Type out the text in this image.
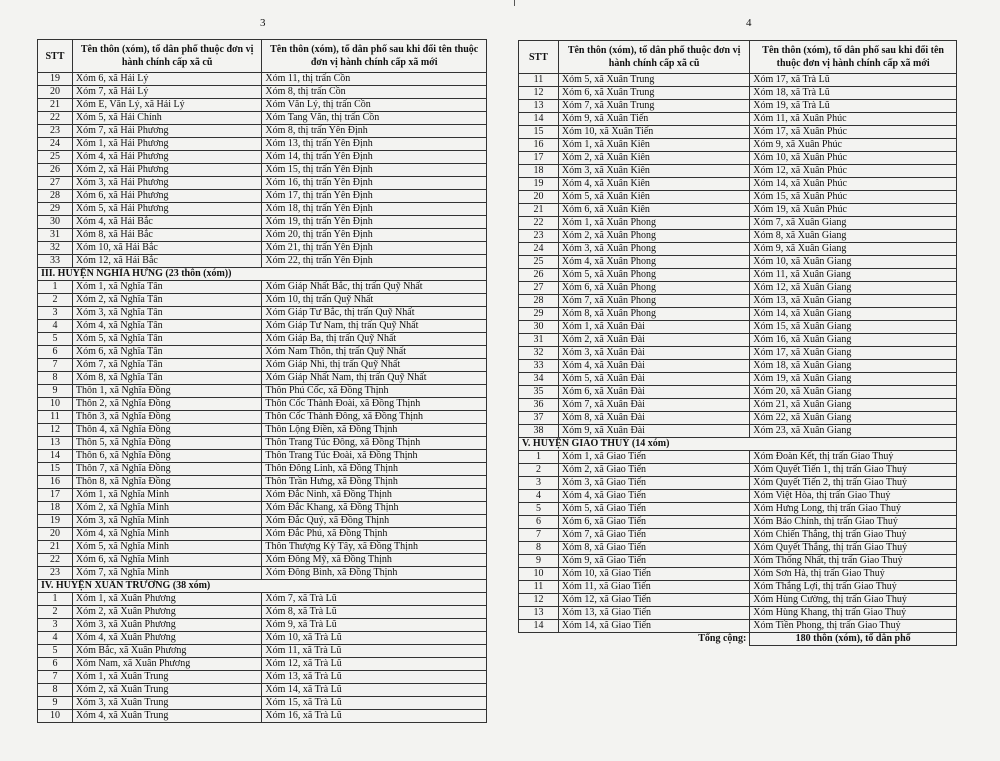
3	4
STT	Tên thôn (xóm), tổ dân phố thuộc đơn vị hành chính cấp xã cũ	Tên thôn (xóm), tổ dân phố sau khi đổi tên thuộc đơn vị hành chính cấp xã mới
19	Xóm 6, xã Hải Lý	Xóm 11, thị trấn Cồn
20	Xóm 7, xã Hải Lý	Xóm 8, thị trấn Cồn
21	Xóm E, Văn Lý, xã Hải Lý	Xóm Văn Lý, thị trấn Cồn
22	Xóm 5, xã Hải Chính	Xóm Tang Văn, thị trấn Cồn
23	Xóm 7, xã Hải Phương	Xóm 8, thị trấn Yên Định
24	Xóm 1, xã Hải Phương	Xóm 13, thị trấn Yên Định
25	Xóm 4, xã Hải Phương	Xóm 14, thị trấn Yên Định
26	Xóm 2, xã Hải Phương	Xóm 15, thị trấn Yên Định
27	Xóm 3, xã Hải Phương	Xóm 16, thị trấn Yên Định
28	Xóm 6, xã Hải Phương	Xóm 17, thị trấn Yên Định
29	Xóm 5, xã Hải Phương	Xóm 18, thị trấn Yên Định
30	Xóm 4, xã Hải Bắc	Xóm 19, thị trấn Yên Định
31	Xóm 8, xã Hải Bắc	Xóm 20, thị trấn Yên Định
32	Xóm 10, xã Hải Bắc	Xóm 21, thị trấn Yên Định
33	Xóm 12, xã Hải Bắc	Xóm 22, thị trấn Yên Định
III. HUYỆN NGHĨA HƯNG (23 thôn (xóm))		
1	Xóm 1, xã Nghĩa Tân	Xóm Giáp Nhất Bắc, thị trấn Quỹ Nhất
2	Xóm 2, xã Nghĩa Tân	Xóm 10, thị trấn Quỹ Nhất
3	Xóm 3, xã Nghĩa Tân	Xóm Giáp Tư Bắc, thị trấn Quỹ Nhất
4	Xóm 4, xã Nghĩa Tân	Xóm Giáp Tư Nam, thị trấn Quỹ Nhất
5	Xóm 5, xã Nghĩa Tân	Xóm Giáp Ba, thị trấn Quỹ Nhất
6	Xóm 6, xã Nghĩa Tân	Xóm Nam Thôn, thị trấn Quỹ Nhất
7	Xóm 7, xã Nghĩa Tân	Xóm Giáp Nhì, thị trấn Quỹ Nhất
8	Xóm 8, xã Nghĩa Tân	Xóm Giáp Nhất Nam, thị trấn Quỹ Nhất
9	Thôn 1, xã Nghĩa Đồng	Thôn Phú Cốc, xã Đồng Thịnh
10	Thôn 2, xã Nghĩa Đồng	Thôn Cốc Thành Đoài, xã Đồng Thịnh
11	Thôn 3, xã Nghĩa Đồng	Thôn Cốc Thành Đông, xã Đồng Thịnh
12	Thôn 4, xã Nghĩa Đồng	Thôn Lộng Điền, xã Đồng Thịnh
13	Thôn 5, xã Nghĩa Đồng	Thôn Trang Túc Đông, xã Đồng Thịnh
14	Thôn 6, xã Nghĩa Đồng	Thôn Trang Túc Đoài, xã Đồng Thịnh
15	Thôn 7, xã Nghĩa Đồng	Thôn Đông Linh, xã Đồng Thịnh
16	Thôn 8, xã Nghĩa Đồng	Thôn Trần Hưng, xã Đồng Thịnh
17	Xóm 1, xã Nghĩa Minh	Xóm Đắc Ninh, xã Đồng Thịnh
18	Xóm 2, xã Nghĩa Minh	Xóm Đắc Khang, xã Đồng Thịnh
19	Xóm 3, xã Nghĩa Minh	Xóm Đắc Quý, xã Đồng Thịnh
20	Xóm 4, xã Nghĩa Minh	Xóm Đắc Phú, xã Đồng Thịnh
21	Xóm 5, xã Nghĩa Minh	Thôn Thượng Kỳ Tây, xã Đồng Thịnh
22	Xóm 6, xã Nghĩa Minh	Xóm Đông Mỹ, xã Đồng Thịnh
23	Xóm 7, xã Nghĩa Minh	Xóm Đông Bình, xã Đồng Thịnh
IV. HUYỆN XUÂN TRƯỜNG (38 xóm)		
1	Xóm 1, xã Xuân Phương	Xóm 7, xã Trà Lũ
2	Xóm 2, xã Xuân Phương	Xóm 8, xã Trà Lũ
3	Xóm 3, xã Xuân Phương	Xóm 9, xã Trà Lũ
4	Xóm 4, xã Xuân Phương	Xóm 10, xã Trà Lũ
5	Xóm Bắc, xã Xuân Phương	Xóm 11, xã Trà Lũ
6	Xóm Nam, xã Xuân Phương	Xóm 12, xã Trà Lũ
7	Xóm 1, xã Xuân Trung	Xóm 13, xã Trà Lũ
8	Xóm 2, xã Xuân Trung	Xóm 14, xã Trà Lũ
9	Xóm 3, xã Xuân Trung	Xóm 15, xã Trà Lũ
10	Xóm 4, xã Xuân Trung	Xóm 16, xã Trà Lũ
STT	Tên thôn (xóm), tổ dân phố thuộc đơn vị hành chính cấp xã cũ	Tên thôn (xóm), tổ dân phố sau khi đổi tên thuộc đơn vị hành chính cấp xã mới
11	Xóm 5, xã Xuân Trung	Xóm 17, xã Trà Lũ
12	Xóm 6, xã Xuân Trung	Xóm 18, xã Trà Lũ
13	Xóm 7, xã Xuân Trung	Xóm 19, xã Trà Lũ
14	Xóm 9, xã Xuân Tiến	Xóm 11, xã Xuân Phúc
15	Xóm 10, xã Xuân Tiến	Xóm 17, xã Xuân Phúc
16	Xóm 1, xã Xuân Kiên	Xóm 9, xã Xuân Phúc
17	Xóm 2, xã Xuân Kiên	Xóm 10, xã Xuân Phúc
18	Xóm 3, xã Xuân Kiên	Xóm 12, xã Xuân Phúc
19	Xóm 4, xã Xuân Kiên	Xóm 14, xã Xuân Phúc
20	Xóm 5, xã Xuân Kiên	Xóm 15, xã Xuân Phúc
21	Xóm 6, xã Xuân Kiên	Xóm 19, xã Xuân Phúc
22	Xóm 1, xã Xuân Phong	Xóm 7, xã Xuân Giang
23	Xóm 2, xã Xuân Phong	Xóm 8, xã Xuân Giang
24	Xóm 3, xã Xuân Phong	Xóm 9, xã Xuân Giang
25	Xóm 4, xã Xuân Phong	Xóm 10, xã Xuân Giang
26	Xóm 5, xã Xuân Phong	Xóm 11, xã Xuân Giang
27	Xóm 6, xã Xuân Phong	Xóm 12, xã Xuân Giang
28	Xóm 7, xã Xuân Phong	Xóm 13, xã Xuân Giang
29	Xóm 8, xã Xuân Phong	Xóm 14, xã Xuân Giang
30	Xóm 1, xã Xuân Đài	Xóm 15, xã Xuân Giang
31	Xóm 2, xã Xuân Đài	Xóm 16, xã Xuân Giang
32	Xóm 3, xã Xuân Đài	Xóm 17, xã Xuân Giang
33	Xóm 4, xã Xuân Đài	Xóm 18, xã Xuân Giang
34	Xóm 5, xã Xuân Đài	Xóm 19, xã Xuân Giang
35	Xóm 6, xã Xuân Đài	Xóm 20, xã Xuân Giang
36	Xóm 7, xã Xuân Đài	Xóm 21, xã Xuân Giang
37	Xóm 8, xã Xuân Đài	Xóm 22, xã Xuân Giang
38	Xóm 9, xã Xuân Đài	Xóm 23, xã Xuân Giang
V. HUYỆN GIAO THUỶ (14 xóm)		
1	Xóm 1, xã Giao Tiến	Xóm Đoàn Kết, thị trấn Giao Thuỷ
2	Xóm 2, xã Giao Tiến	Xóm Quyết Tiến 1, thị trấn Giao Thuỷ
3	Xóm 3, xã Giao Tiến	Xóm Quyết Tiến 2, thị trấn Giao Thuỷ
4	Xóm 4, xã Giao Tiến	Xóm Việt Hòa, thị trấn Giao Thuỷ
5	Xóm 5, xã Giao Tiến	Xóm Hưng Long, thị trấn Giao Thuỷ
6	Xóm 6, xã Giao Tiến	Xóm Bảo Chính, thị trấn Giao Thuỷ
7	Xóm 7, xã Giao Tiến	Xóm Chiến Thắng, thị trấn Giao Thuỷ
8	Xóm 8, xã Giao Tiến	Xóm Quyết Thắng, thị trấn Giao Thuỷ
9	Xóm 9, xã Giao Tiến	Xóm Thống Nhất, thị trấn Giao Thuỷ
10	Xóm 10, xã Giao Tiến	Xóm Sơn Hà, thị trấn Giao Thuỷ
11	Xóm 11, xã Giao Tiến	Xóm Thắng Lợi, thị trấn Giao Thuỷ
12	Xóm 12, xã Giao Tiến	Xóm Hùng Cường, thị trấn Giao Thuỷ
13	Xóm 13, xã Giao Tiến	Xóm Hùng Khang, thị trấn Giao Thuỷ
14	Xóm 14, xã Giao Tiến	Xóm Tiền Phong, thị trấn Giao Thuỷ
Tổng cộng:		180 thôn (xóm), tổ dân phố
